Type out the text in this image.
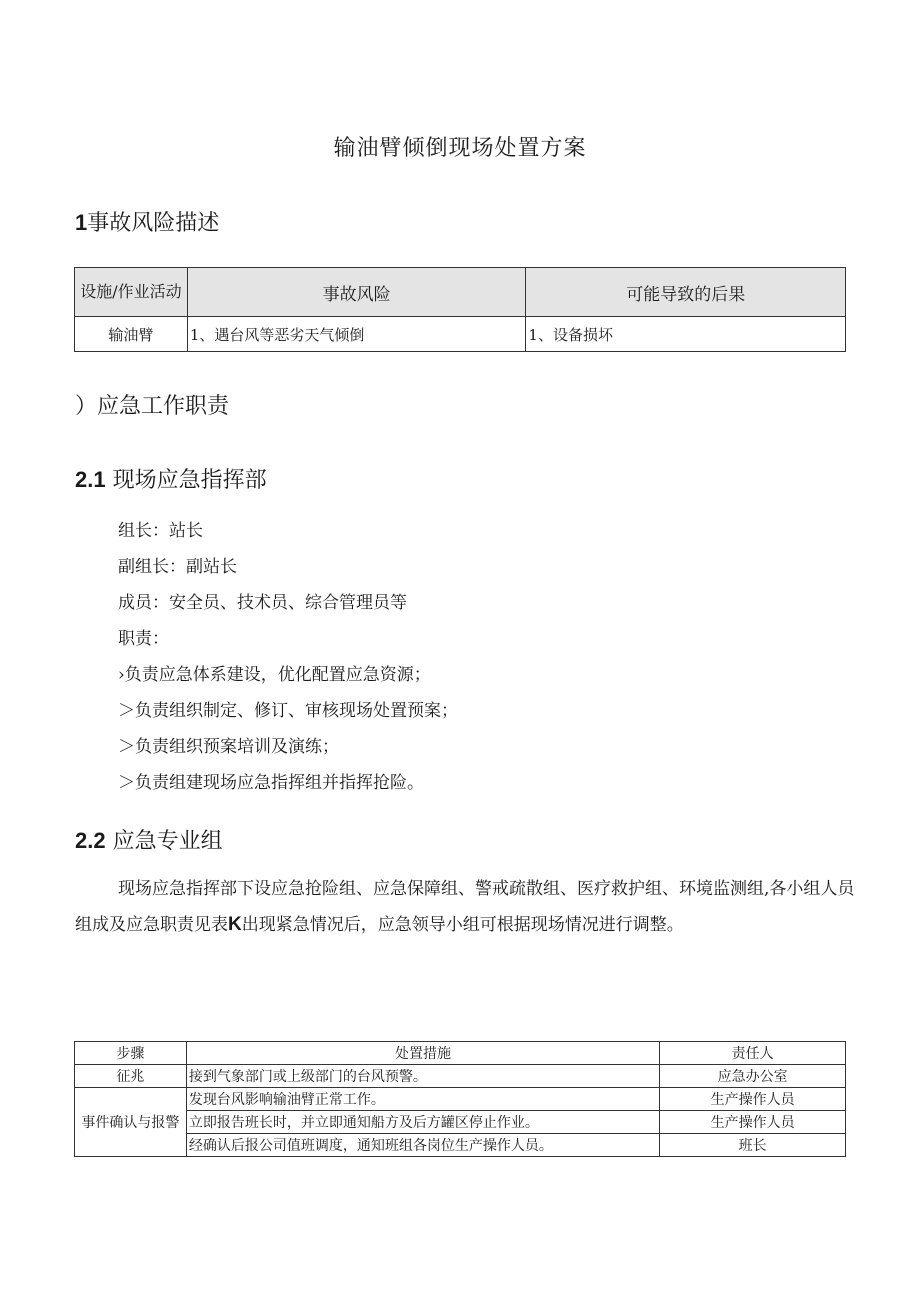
输油臂倾倒现场处置方案
1事故风险描述
设施/作业活动	事故风险	可能导致的后果
输油臂	1、遇台风等恶劣天气倾倒	1、设备损坏
）应急工作职责
2.1 现场应急指挥部
组长：站长
副组长：副站长
成员：安全员、技术员、综合管理员等
职责：
›负责应急体系建设，优化配置应急资源；
＞负责组织制定、修订、审核现场处置预案；
＞负责组织预案培训及演练；
＞负责组建现场应急指挥组并指挥抢险。
2.2 应急专业组
现场应急指挥部下设应急抢险组、应急保障组、警戒疏散组、医疗救护组、环境监测组,各小组人员组成及应急职责见表K出现紧急情况后，应急领导小组可根据现场情况进行调整。
步骤	处置措施	责任人
征兆	接到气象部门或上级部门的台风预警。	应急办公室
事件确认与报警	发现台风影响输油臂正常工作。	生产操作人员
	立即报告班长时，并立即通知船方及后方罐区停止作业。	生产操作人员
	经确认后报公司值班调度，通知班组各岗位生产操作人员。	班长
